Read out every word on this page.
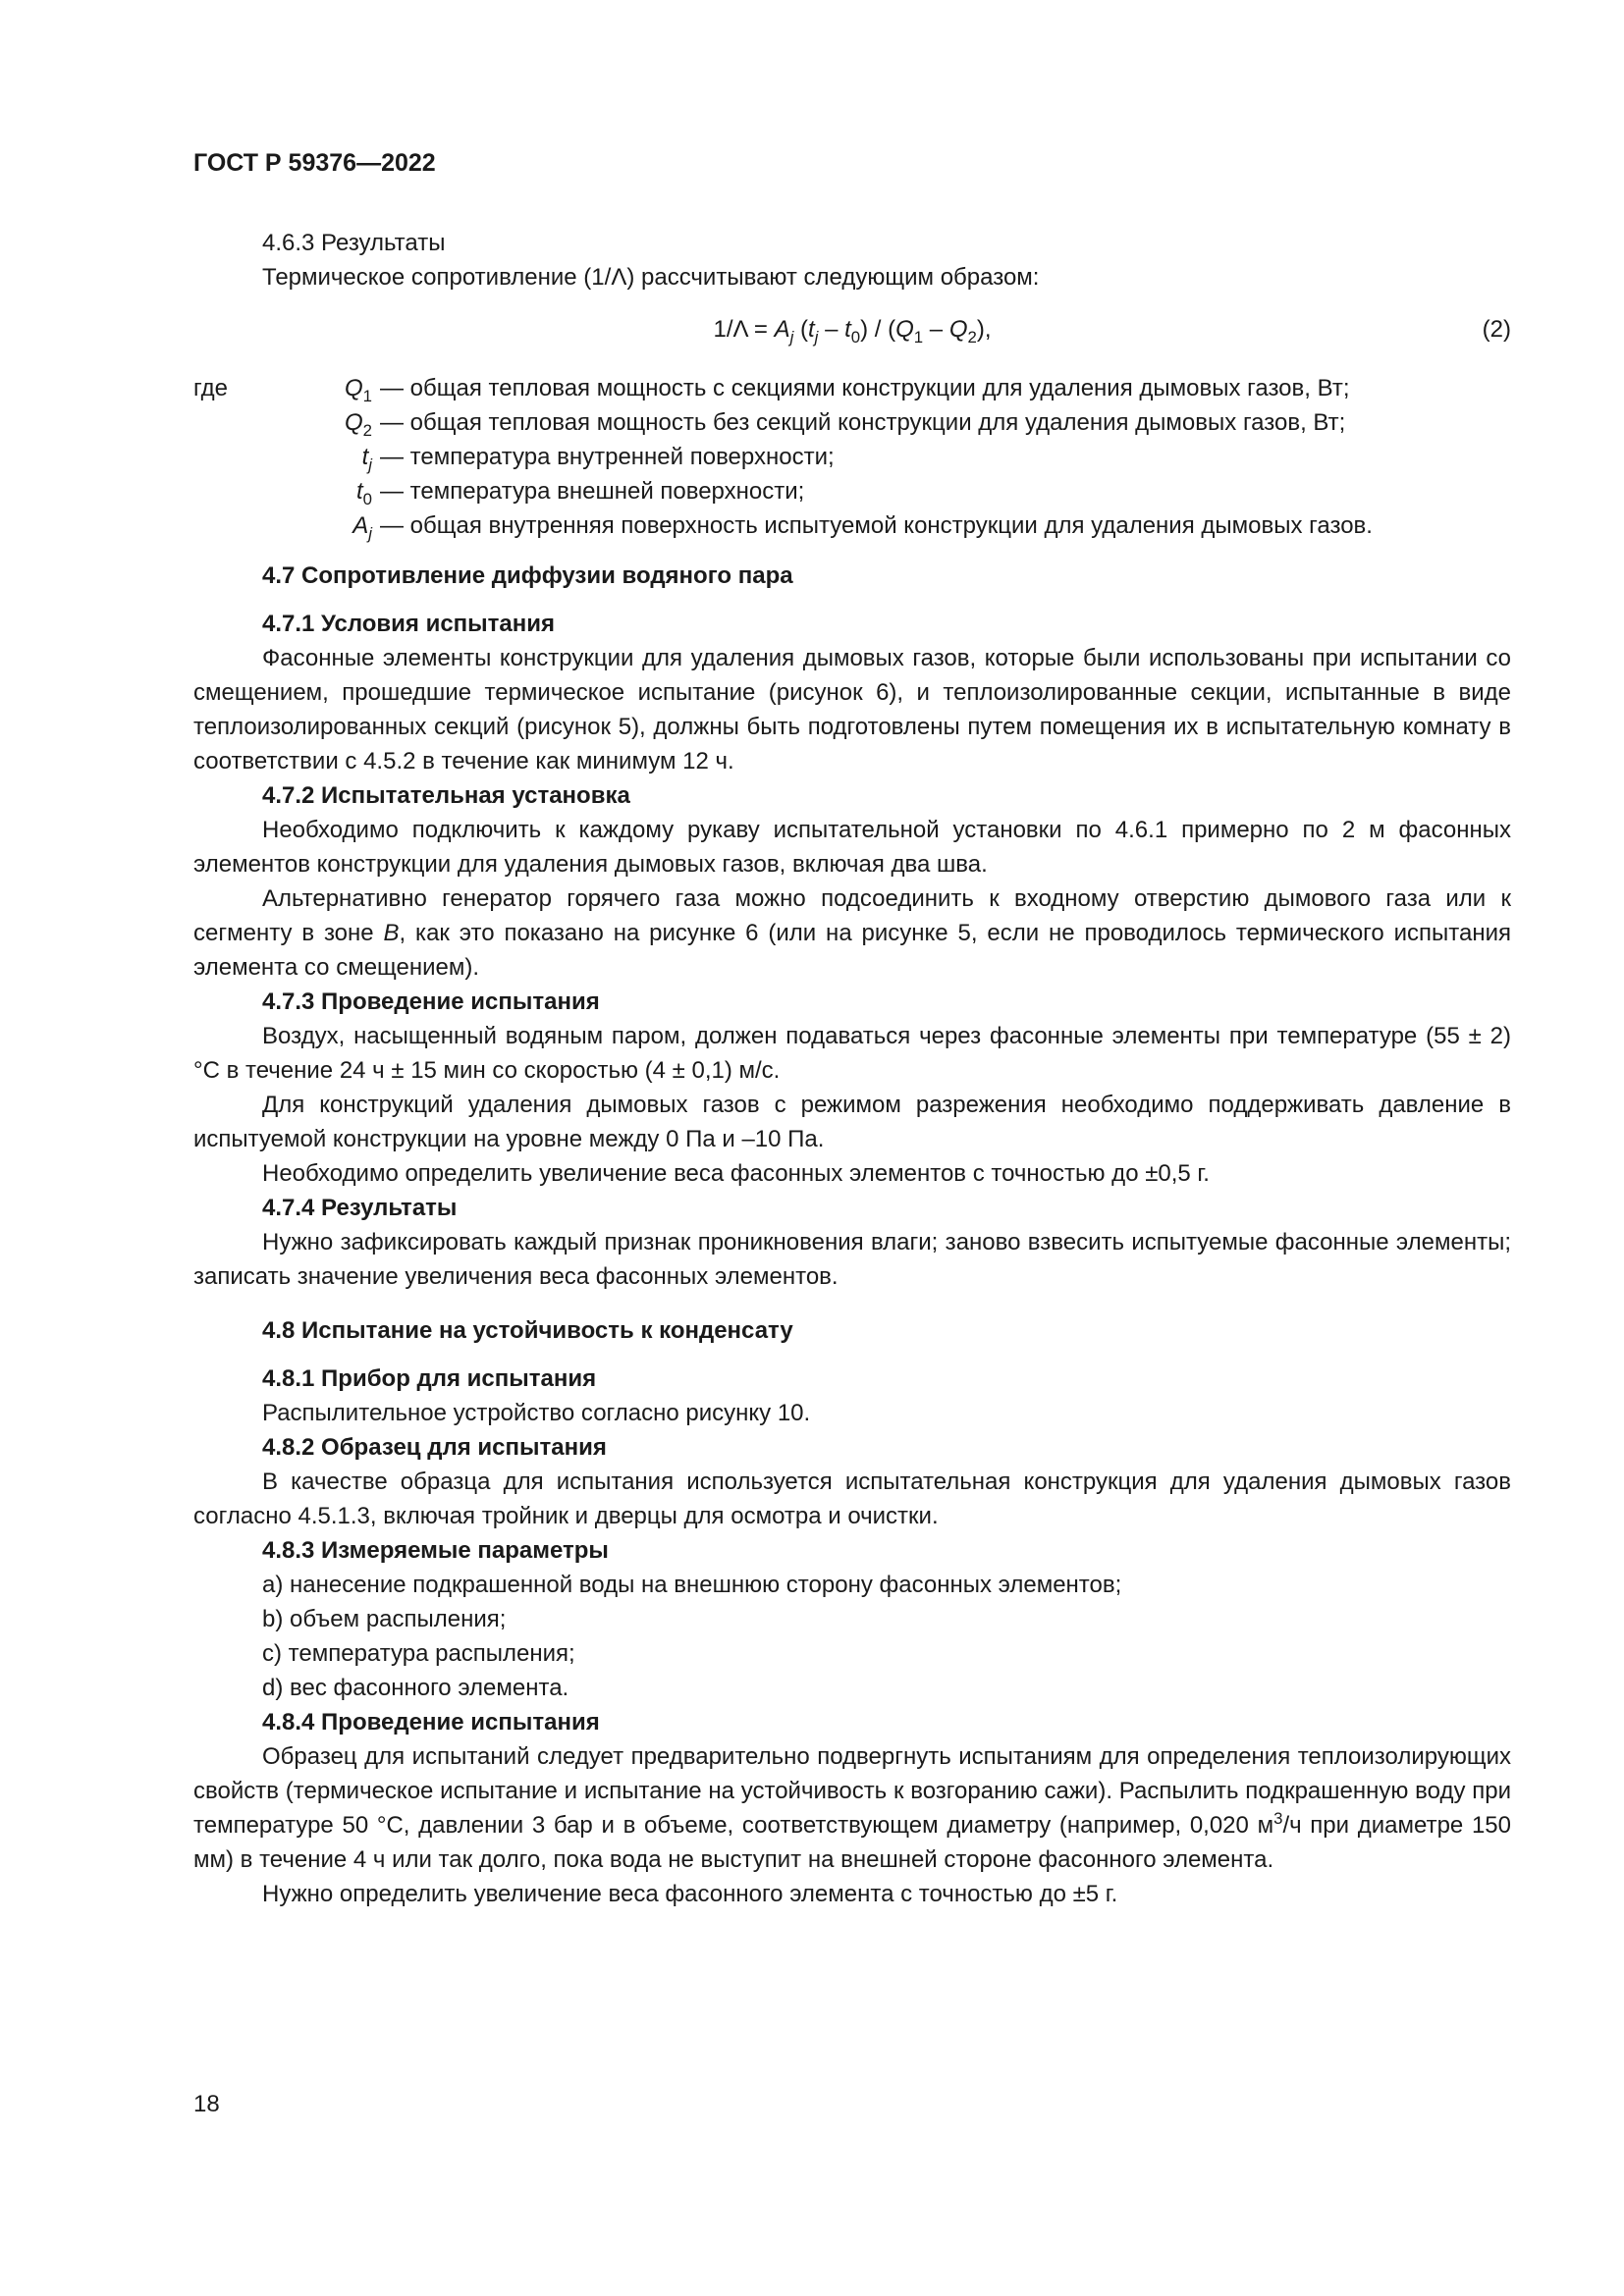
ГОСТ Р 59376—2022

4.6.3 Результаты

Термическое сопротивление (1/Λ) рассчитывают следующим образом:

$1/\Lambda = A_j$ $(t_j - t_0) / (Q_1 - Q_2)$,	(2)
где	$Q_1$ — общая тепловая мощность с секциями конструкции для удаления дымовых газов, Вт;
$Q_2$ — общая тепловая мощность без секций конструкции для удаления дымовых газов, Вт;
$t_j$ — температура внутренней поверхности;
$t_0$ — температура внешней поверхности;
$A_j$ — общая внутренняя поверхность испытуемой конструкции для удаления дымовых газов.

4.7 Сопротивление диффузии водяного пара

4.7.1 Условия испытания

Фасонные элементы конструкции для удаления дымовых газов, которые были использованы при испытании со смещением, прошедшие термическое испытание (рисунок 6), и теплоизолированные секции, испытанные в виде теплоизолированных секций (рисунок 5), должны быть подготовлены путем помещения их в испытательную комнату в соответствии с 4.5.2 в течение как минимум 12 ч.

4.7.2 Испытательная установка

Необходимо подключить к каждому рукаву испытательной установки по 4.6.1 примерно по 2 м фасонных элементов конструкции для удаления дымовых газов, включая два шва.

Альтернативно генератор горячего газа можно подсоединить к входному отверстию дымового газа или к сегменту в зоне B, как это показано на рисунке 6 (или на рисунке 5, если не проводилось термического испытания элемента со смещением).

4.7.3 Проведение испытания

Воздух, насыщенный водяным паром, должен подаваться через фасонные элементы при температуре (55 ± 2) °С в течение 24 ч ± 15 мин со скоростью (4 ± 0,1) м/с.

Для конструкций удаления дымовых газов с режимом разрежения необходимо поддерживать давление в испытуемой конструкции на уровне между 0 Па и –10 Па.

Необходимо определить увеличение веса фасонных элементов с точностью до ±0,5 г.

4.7.4 Результаты

Нужно зафиксировать каждый признак проникновения влаги; заново взвесить испытуемые фасонные элементы; записать значение увеличения веса фасонных элементов.

4.8 Испытание на устойчивость к конденсату

4.8.1 Прибор для испытания

Распылительное устройство согласно рисунку 10.

4.8.2 Образец для испытания

В качестве образца для испытания используется испытательная конструкция для удаления дымовых газов согласно 4.5.1.3, включая тройник и дверцы для осмотра и очистки.

4.8.3 Измеряемые параметры

a) нанесение подкрашенной воды на внешнюю сторону фасонных элементов;

b) объем распыления;

c) температура распыления;

d) вес фасонного элемента.

4.8.4 Проведение испытания

Образец для испытаний следует предварительно подвергнуть испытаниям для определения теплоизолирующих свойств (термическое испытание и испытание на устойчивость к возгоранию сажи). Распылить подкрашенную воду при температуре 50 °С, давлении 3 бар и в объеме, соответствующем диаметру (например, 0,020 $м^3/ч$ при диаметре 150 мм) в течение 4 ч или так долго, пока вода не выступит на внешней стороне фасонного элемента.

Нужно определить увеличение веса фасонного элемента с точностью до ±5 г.

18
